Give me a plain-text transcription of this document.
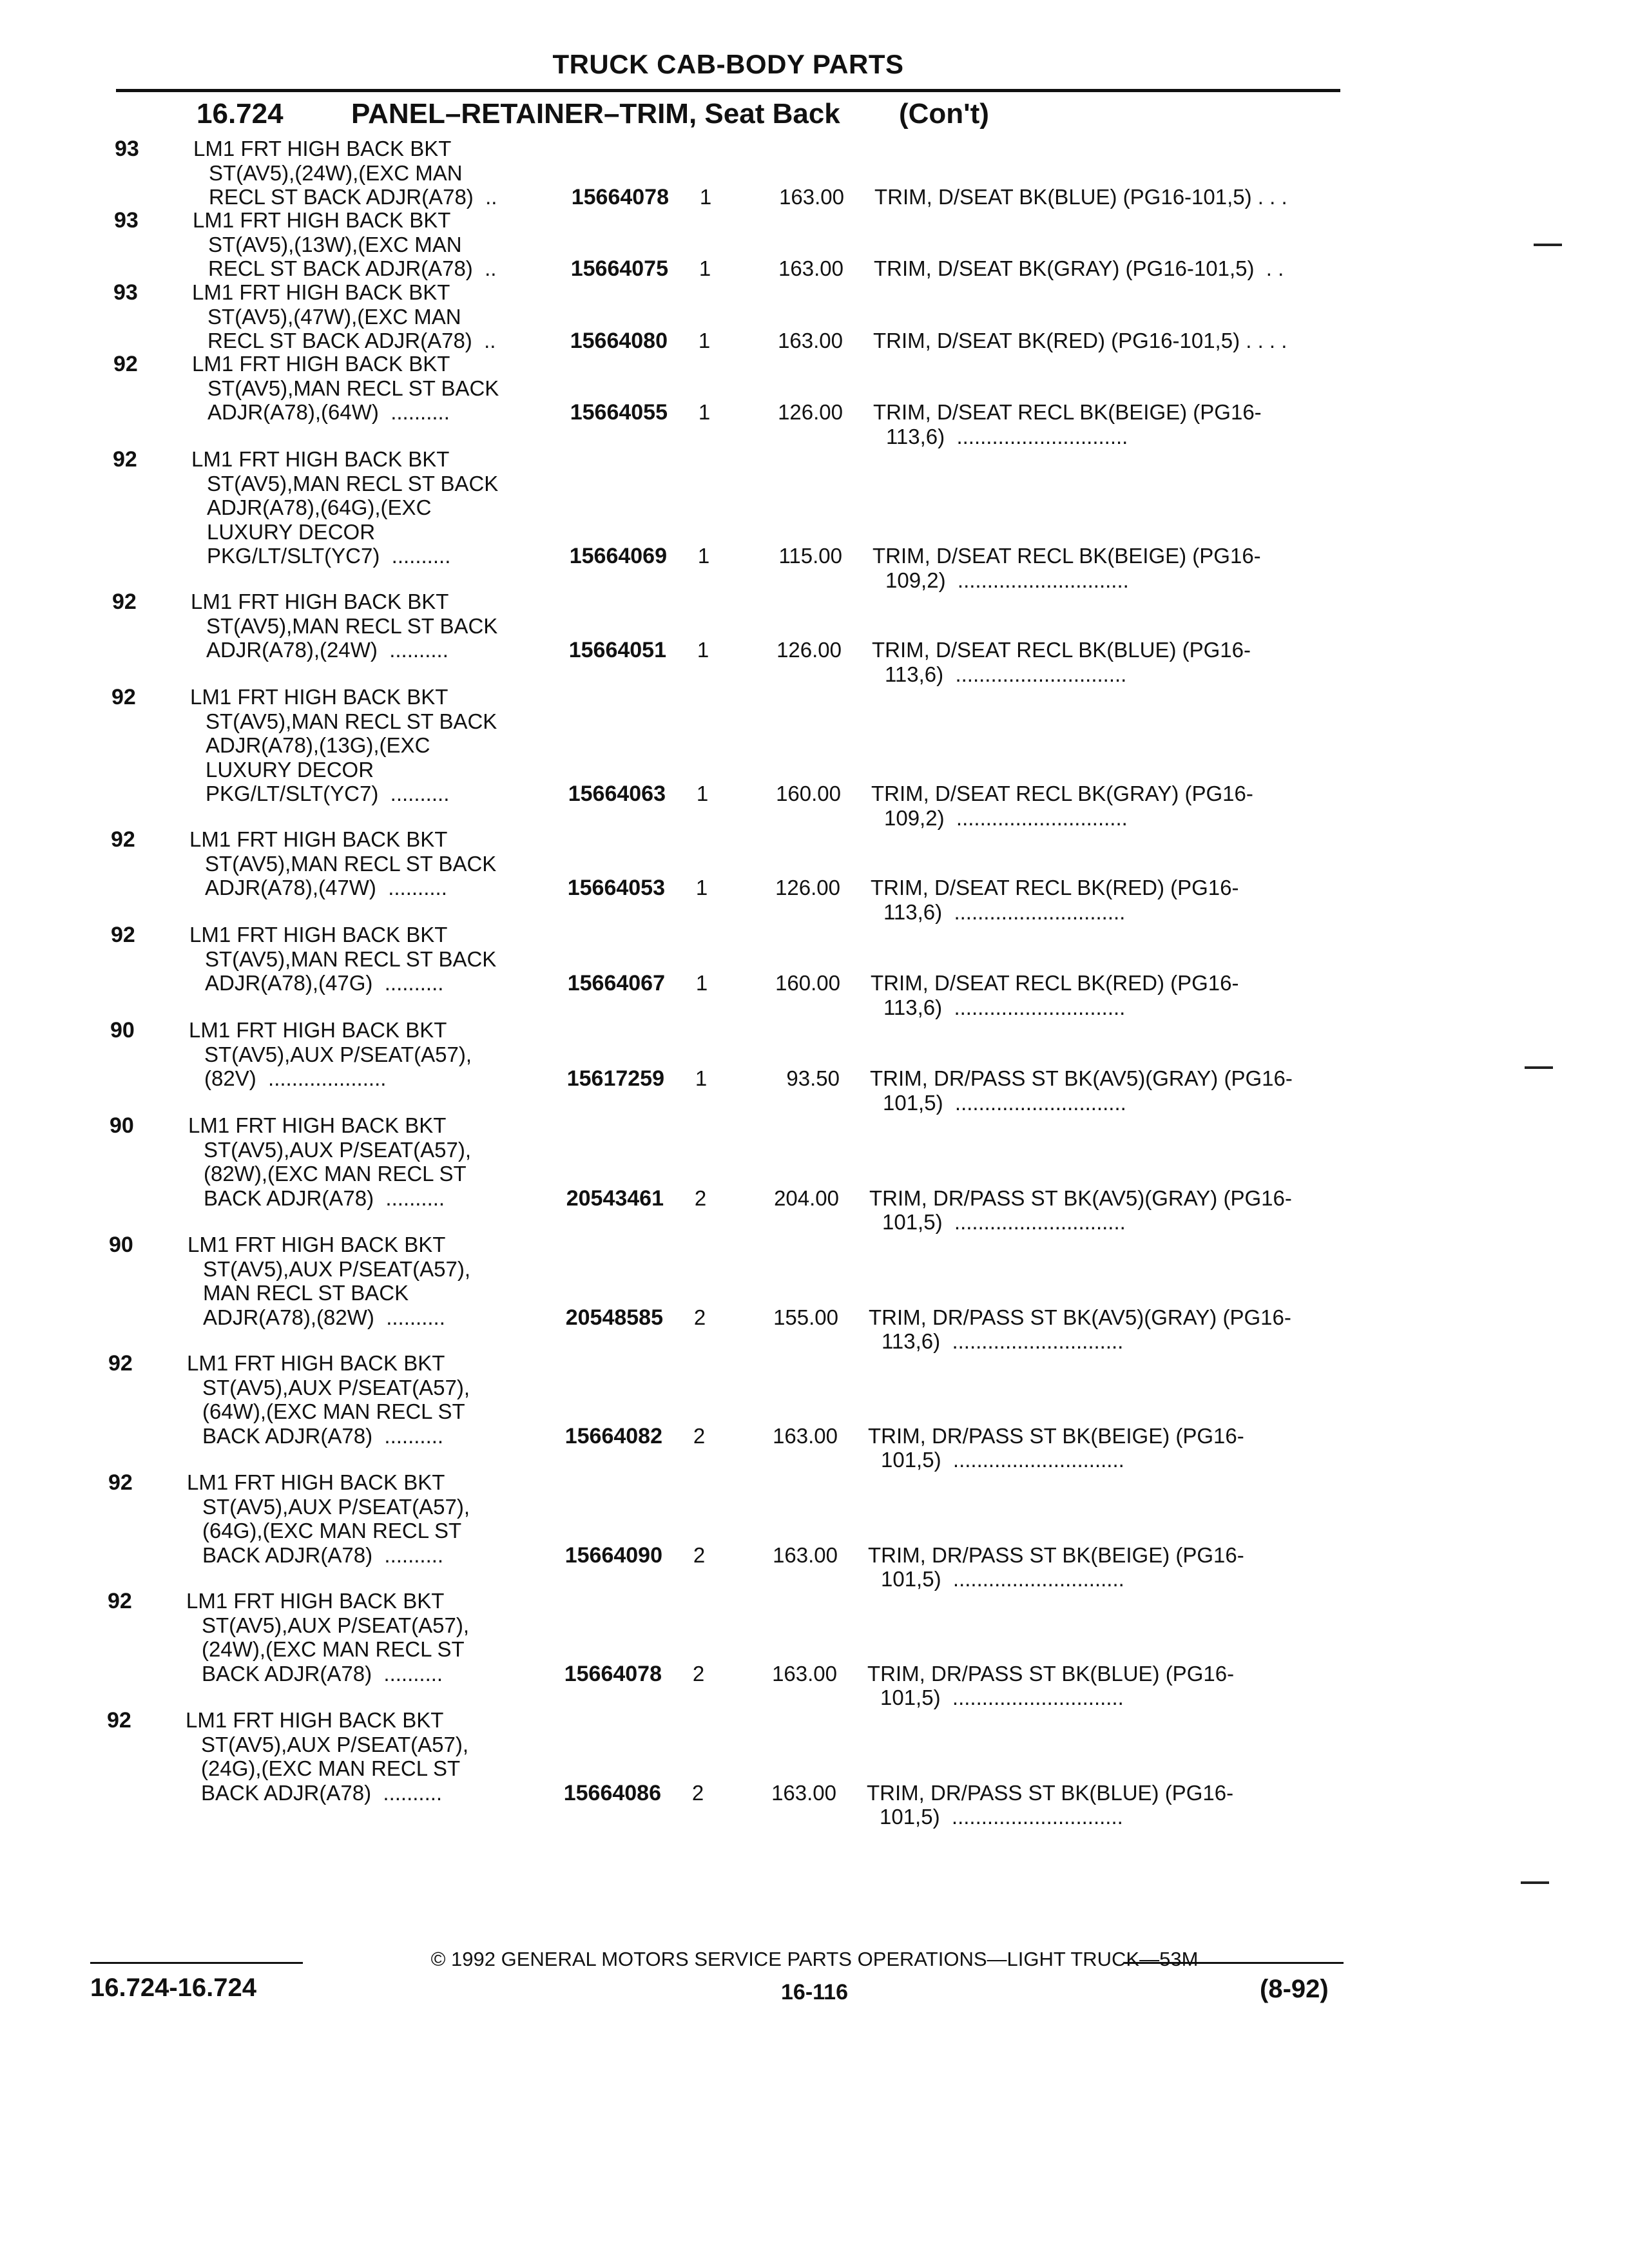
TRUCK CAB-BODY PARTS
16.724 PANEL–RETAINER–TRIM, Seat Back (Con't)
93	LM1 FRT HIGH BACK BKT
ST(AV5),(24W),(EXC MAN
RECL ST BACK ADJR(A78)  ..	15664078	1	163.00 TRIM, D/SEAT BK(BLUE) (PG16-101,5) . . .
93	LM1 FRT HIGH BACK BKT
ST(AV5),(13W),(EXC MAN
RECL ST BACK ADJR(A78)  ..	15664075	1	163.00 TRIM, D/SEAT BK(GRAY) (PG16-101,5)  . .
93	LM1 FRT HIGH BACK BKT
ST(AV5),(47W),(EXC MAN
RECL ST BACK ADJR(A78)  ..	15664080	1	163.00 TRIM, D/SEAT BK(RED) (PG16-101,5) . . . .
92	LM1 FRT HIGH BACK BKT
ST(AV5),MAN RECL ST BACK
ADJR(A78),(64W)  ..........	15664055	1	126.00 TRIM, D/SEAT RECL BK(BEIGE) (PG16-
113,6)  .............................
92	LM1 FRT HIGH BACK BKT
ST(AV5),MAN RECL ST BACK
ADJR(A78),(64G),(EXC
LUXURY DECOR
PKG/LT/SLT(YC7)  ..........	15664069	1	115.00 TRIM, D/SEAT RECL BK(BEIGE) (PG16-
109,2)  .............................
92	LM1 FRT HIGH BACK BKT
ST(AV5),MAN RECL ST BACK
ADJR(A78),(24W)  ..........	15664051	1	126.00 TRIM, D/SEAT RECL BK(BLUE) (PG16-
113,6)  .............................
92	LM1 FRT HIGH BACK BKT
ST(AV5),MAN RECL ST BACK
ADJR(A78),(13G),(EXC
LUXURY DECOR
PKG/LT/SLT(YC7)  ..........	15664063	1	160.00 TRIM, D/SEAT RECL BK(GRAY) (PG16-
109,2)  .............................
92	LM1 FRT HIGH BACK BKT
ST(AV5),MAN RECL ST BACK
ADJR(A78),(47W)  ..........	15664053	1	126.00 TRIM, D/SEAT RECL BK(RED) (PG16-
113,6)  .............................
92	LM1 FRT HIGH BACK BKT
ST(AV5),MAN RECL ST BACK
ADJR(A78),(47G)  ..........	15664067	1	160.00 TRIM, D/SEAT RECL BK(RED) (PG16-
113,6)  .............................
90	LM1 FRT HIGH BACK BKT
ST(AV5),AUX P/SEAT(A57),
(82V)  ....................	15617259	1	93.50 TRIM, DR/PASS ST BK(AV5)(GRAY) (PG16-
101,5)  .............................
90	LM1 FRT HIGH BACK BKT
ST(AV5),AUX P/SEAT(A57),
(82W),(EXC MAN RECL ST
BACK ADJR(A78)  ..........	20543461	2	204.00 TRIM, DR/PASS ST BK(AV5)(GRAY) (PG16-
101,5)  .............................
90	LM1 FRT HIGH BACK BKT
ST(AV5),AUX P/SEAT(A57),
MAN RECL ST BACK
ADJR(A78),(82W)  ..........	20548585	2	155.00 TRIM, DR/PASS ST BK(AV5)(GRAY) (PG16-
113,6)  .............................
92	LM1 FRT HIGH BACK BKT
ST(AV5),AUX P/SEAT(A57),
(64W),(EXC MAN RECL ST
BACK ADJR(A78)  ..........	15664082	2	163.00 TRIM, DR/PASS ST BK(BEIGE) (PG16-
101,5)  .............................
92	LM1 FRT HIGH BACK BKT
ST(AV5),AUX P/SEAT(A57),
(64G),(EXC MAN RECL ST
BACK ADJR(A78)  ..........	15664090	2	163.00 TRIM, DR/PASS ST BK(BEIGE) (PG16-
101,5)  .............................
92	LM1 FRT HIGH BACK BKT
ST(AV5),AUX P/SEAT(A57),
(24W),(EXC MAN RECL ST
BACK ADJR(A78)  ..........	15664078	2	163.00 TRIM, DR/PASS ST BK(BLUE) (PG16-
101,5)  .............................
92	LM1 FRT HIGH BACK BKT
ST(AV5),AUX P/SEAT(A57),
(24G),(EXC MAN RECL ST
BACK ADJR(A78)  ..........	15664086	2	163.00 TRIM, DR/PASS ST BK(BLUE) (PG16-
101,5)  .............................
© 1992 GENERAL MOTORS SERVICE PARTS OPERATIONS—LIGHT TRUCK—53M
16.724-16.724	16-116	(8-92)
